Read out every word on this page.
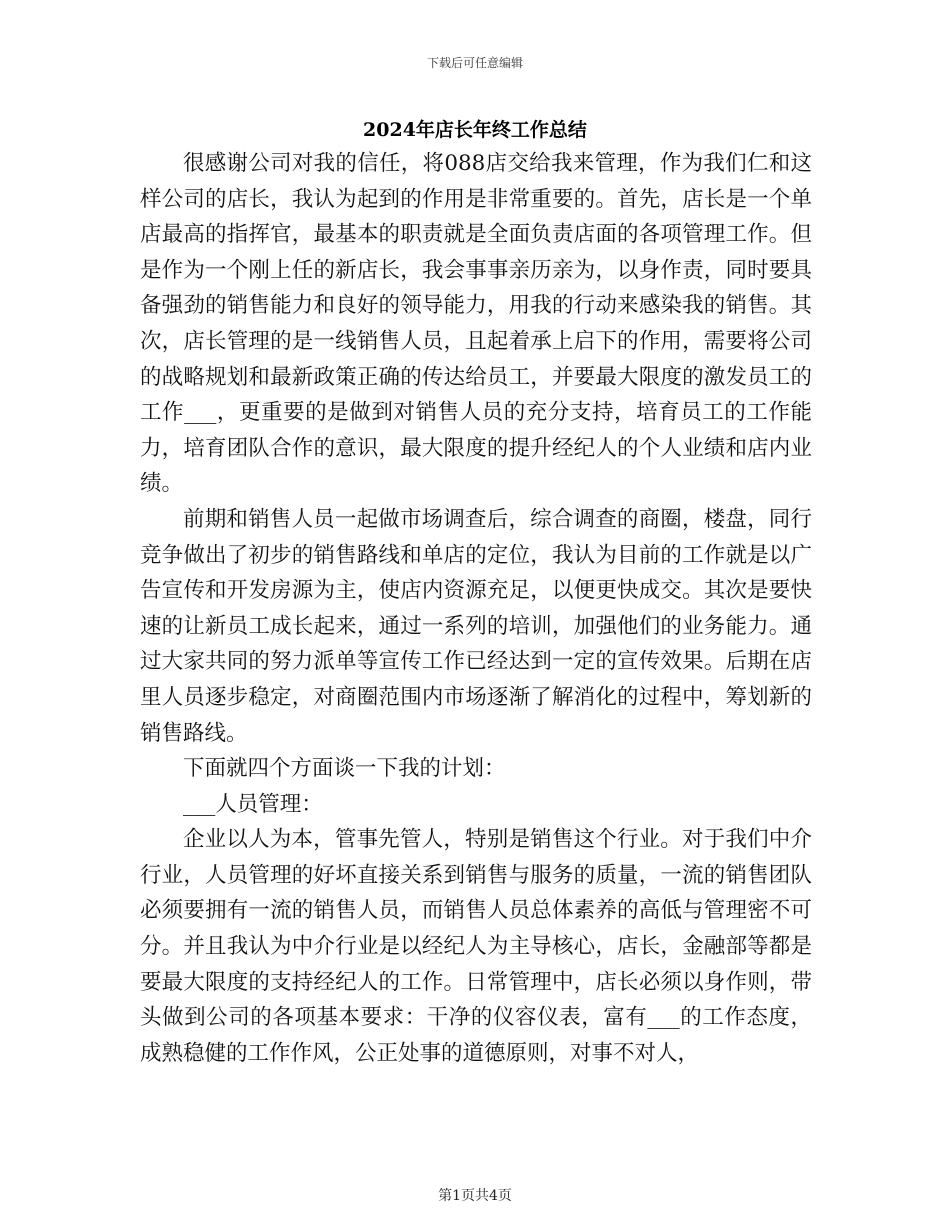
下载后可任意编辑
2024年店长年终工作总结

很感谢公司对我的信任，将088店交给我来管理，作为我们仁和这样公司的店长，我认为起到的作用是非常重要的。首先，店长是一个单店最高的指挥官，最基本的职责就是全面负责店面的各项管理工作。但是作为一个刚上任的新店长，我会事事亲历亲为，以身作责，同时要具备强劲的销售能力和良好的领导能力，用我的行动来感染我的销售。其次，店长管理的是一线销售人员，且起着承上启下的作用，需要将公司的战略规划和最新政策正确的传达给员工，并要最大限度的激发员工的工作___，更重要的是做到对销售人员的充分支持，培育员工的工作能力，培育团队合作的意识，最大限度的提升经纪人的个人业绩和店内业绩。

前期和销售人员一起做市场调查后，综合调查的商圈，楼盘，同行竞争做出了初步的销售路线和单店的定位，我认为目前的工作就是以广告宣传和开发房源为主，使店内资源充足，以便更快成交。其次是要快速的让新员工成长起来，通过一系列的培训，加强他们的业务能力。通过大家共同的努力派单等宣传工作已经达到一定的宣传效果。后期在店里人员逐步稳定，对商圈范围内市场逐渐了解消化的过程中，筹划新的销售路线。

下面就四个方面谈一下我的计划：

___人员管理：

企业以人为本，管事先管人，特别是销售这个行业。对于我们中介行业，人员管理的好坏直接关系到销售与服务的质量，一流的销售团队必须要拥有一流的销售人员，而销售人员总体素养的高低与管理密不可分。并且我认为中介行业是以经纪人为主导核心，店长，金融部等都是要最大限度的支持经纪人的工作。日常管理中，店长必须以身作则，带头做到公司的各项基本要求：干净的仪容仪表，富有___的工作态度，成熟稳健的工作作风，公正处事的道德原则，对事不对人，

第1页共4页
